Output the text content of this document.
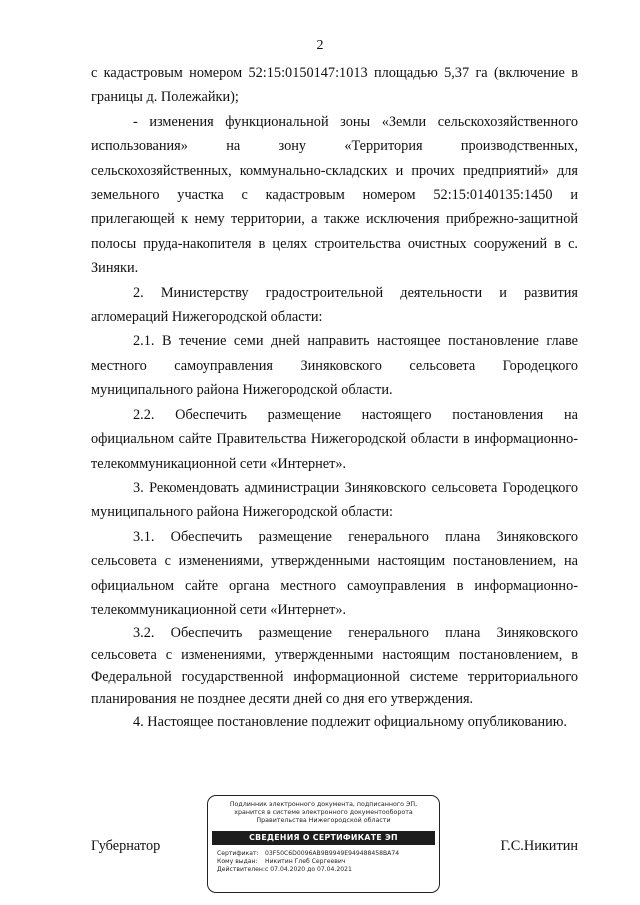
2

с кадастровым номером 52:15:0150147:1013 площадью 5,37 га (включение в границы д. Полежайки);

- изменения функциональной зоны «Земли сельскохозяйственного использования» на зону «Территория производственных, сельскохозяйственных, коммунально-складских и прочих предприятий» для земельного участка с кадастровым номером 52:15:0140135:1450 и прилегающей к нему территории, а также исключения прибрежно-защитной полосы пруда-накопителя в целях строительства очистных сооружений в с. Зиняки.

2. Министерству градостроительной деятельности и развития агломераций Нижегородской области:

2.1. В течение семи дней направить настоящее постановление главе местного самоуправления Зиняковского сельсовета Городецкого муниципального района Нижегородской области.

2.2. Обеспечить размещение настоящего постановления на официальном сайте Правительства Нижегородской области в информационно-телекоммуникационной сети «Интернет».

3. Рекомендовать администрации Зиняковского сельсовета Городецкого муниципального района Нижегородской области:

3.1. Обеспечить размещение генерального плана Зиняковского сельсовета с изменениями, утвержденными настоящим постановлением, на официальном сайте органа местного самоуправления в информационно-телекоммуникационной сети «Интернет».

3.2. Обеспечить размещение генерального плана Зиняковского сельсовета с изменениями, утвержденными настоящим постановлением, в Федеральной государственной информационной системе территориального планирования не позднее десяти дней со дня его утверждения.

4. Настоящее постановление подлежит официальному опубликованию.

Губернатор	Г.С.Никитин
Подлинник электронного документа, подписанного ЭП, хранится в системе электронного документооборота Правительства Нижегородской области
СВЕДЕНИЯ О СЕРТИФИКАТЕ ЭП
Сертификат: 03F50C6D0096AB9B9949E949488458BA74
Кому выдан: Никитин Глеб Сергеевич
Действителен:с 07.04.2020 до 07.04.2021
